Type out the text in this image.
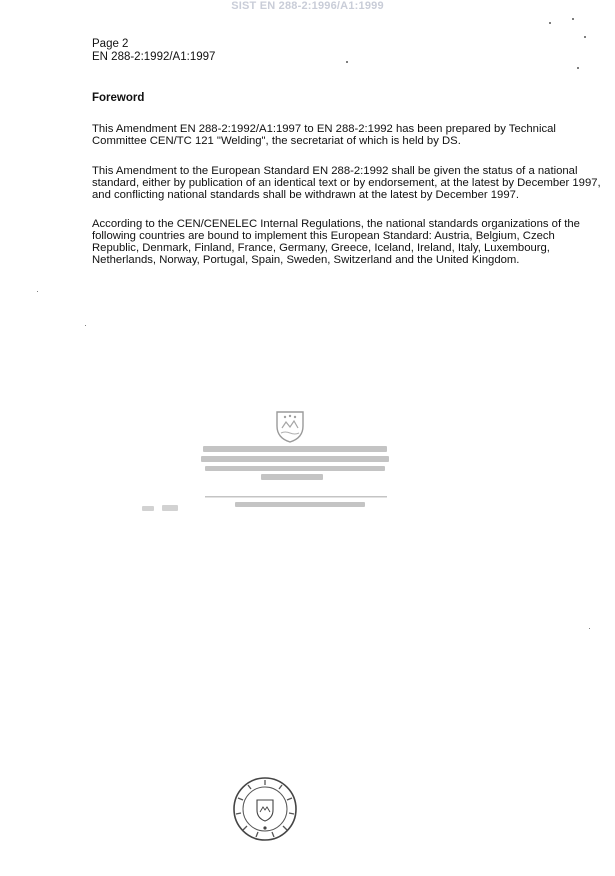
SIST EN 288-2:1996/A1:1999
Page 2
EN 288-2:1992/A1:1997
Foreword

This Amendment EN 288-2:1992/A1:1997 to EN 288-2:1992 has been prepared by Technical Committee CEN/TC 121 "Welding", the secretariat of which is held by DS.

This Amendment to the European Standard EN 288-2:1992 shall be given the status of a national standard, either by publication of an identical text or by endorsement, at the latest by December 1997, and conflicting national standards shall be withdrawn at the latest by December 1997.

According to the CEN/CENELEC Internal Regulations, the national standards organizations of the following countries are bound to implement this European Standard: Austria, Belgium, Czech Republic, Denmark, Finland, France, Germany, Greece, Iceland, Ireland, Italy, Luxembourg, Netherlands, Norway, Portugal, Spain, Sweden, Switzerland and the United Kingdom.
